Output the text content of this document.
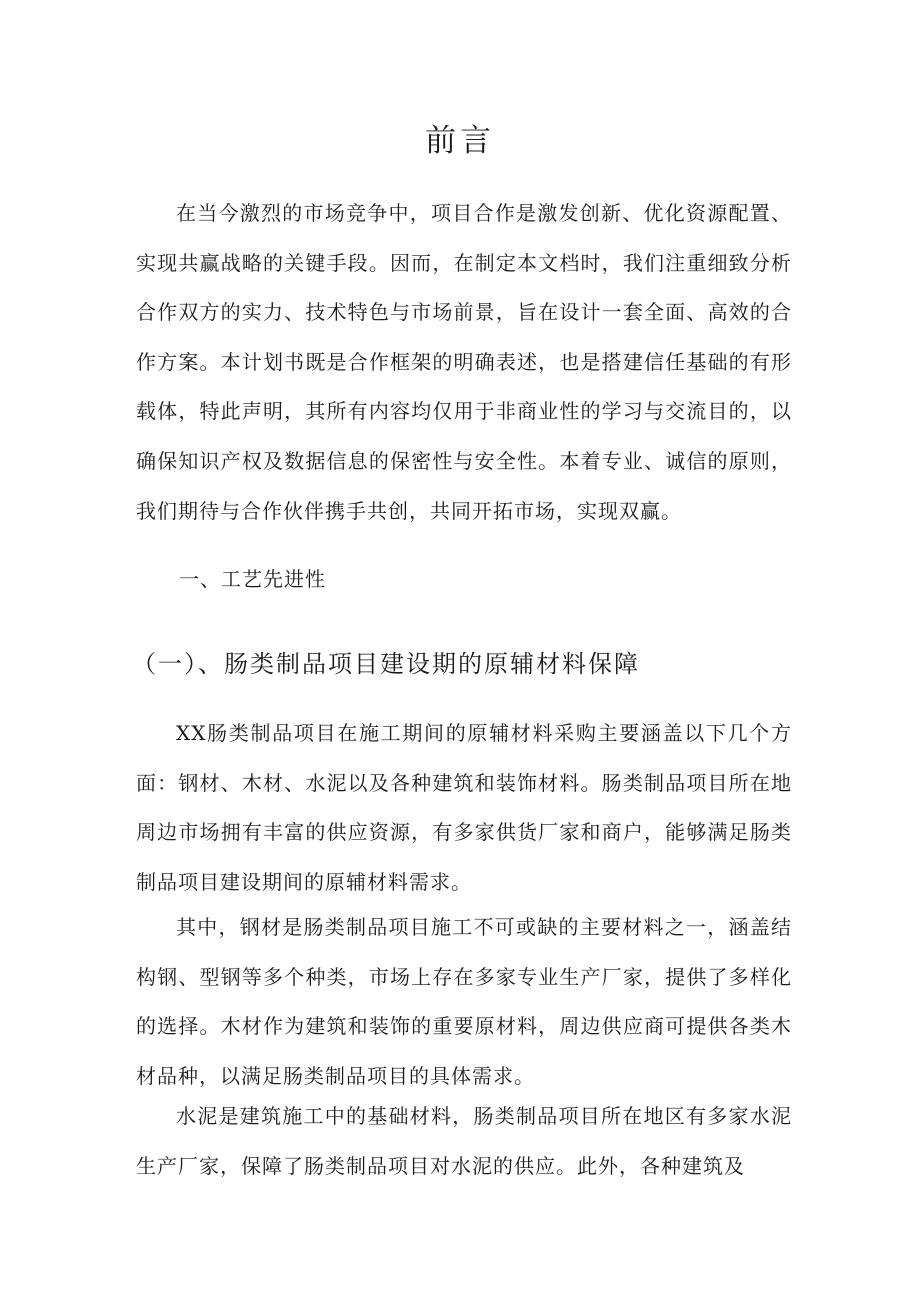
前言

在当今激烈的市场竞争中，项目合作是激发创新、优化资源配置、实现共赢战略的关键手段。因而，在制定本文档时，我们注重细致分析合作双方的实力、技术特色与市场前景，旨在设计一套全面、高效的合作方案。本计划书既是合作框架的明确表述，也是搭建信任基础的有形载体，特此声明，其所有内容均仅用于非商业性的学习与交流目的，以确保知识产权及数据信息的保密性与安全性。本着专业、诚信的原则，我们期待与合作伙伴携手共创，共同开拓市场，实现双赢。

一、工艺先进性
（一）、肠类制品项目建设期的原辅材料保障

XX肠类制品项目在施工期间的原辅材料采购主要涵盖以下几个方面：钢材、木材、水泥以及各种建筑和装饰材料。肠类制品项目所在地周边市场拥有丰富的供应资源，有多家供货厂家和商户，能够满足肠类制品项目建设期间的原辅材料需求。

其中，钢材是肠类制品项目施工不可或缺的主要材料之一，涵盖结构钢、型钢等多个种类，市场上存在多家专业生产厂家，提供了多样化的选择。木材作为建筑和装饰的重要原材料，周边供应商可提供各类木材品种，以满足肠类制品项目的具体需求。

水泥是建筑施工中的基础材料，肠类制品项目所在地区有多家水泥生产厂家，保障了肠类制品项目对水泥的供应。此外，各种建筑及
